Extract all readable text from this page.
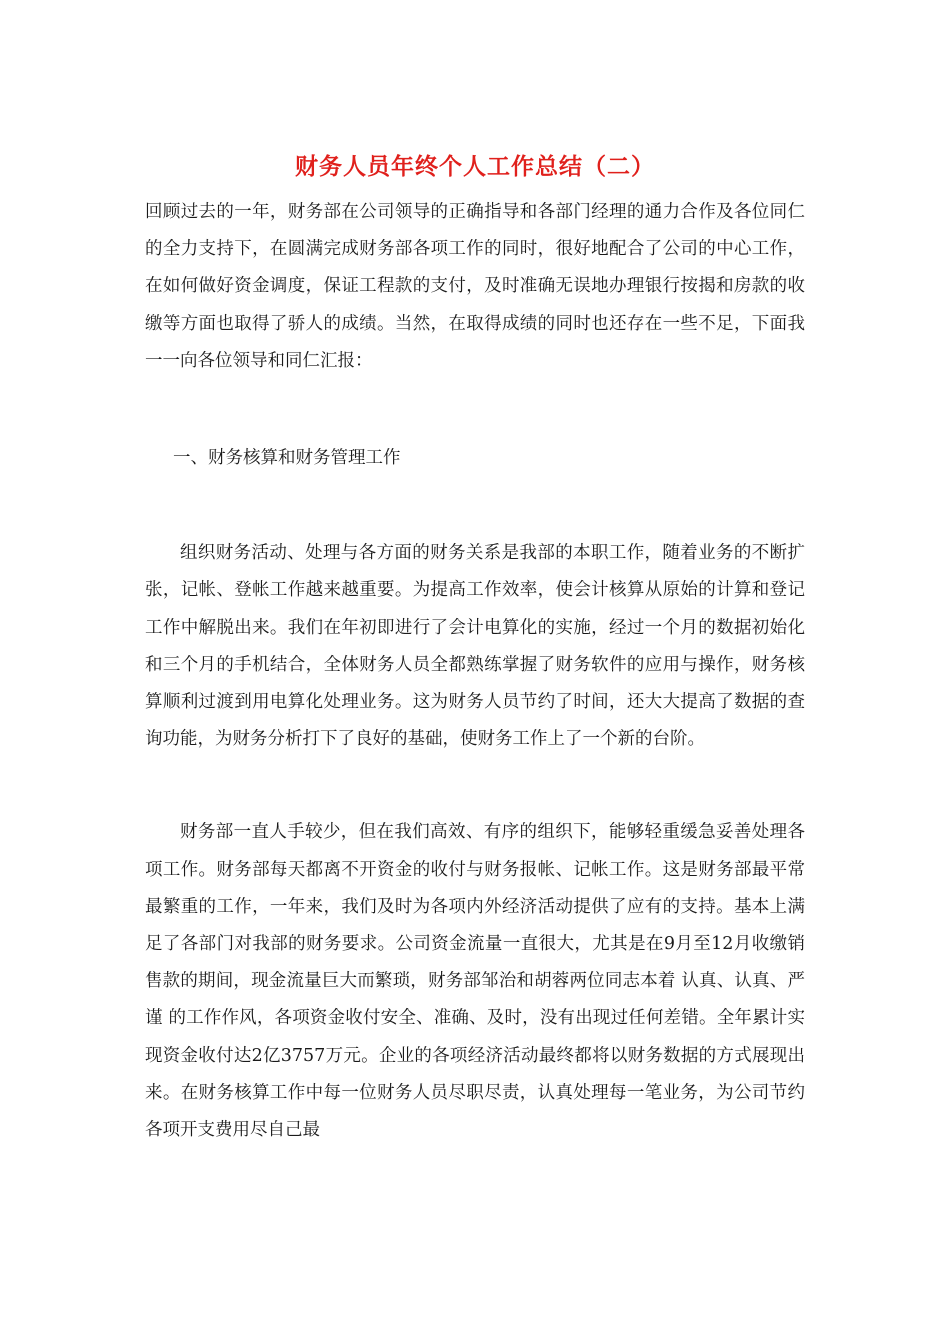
财务人员年终个人工作总结（二）

回顾过去的一年，财务部在公司领导的正确指导和各部门经理的通力合作及各位同仁的全力支持下，在圆满完成财务部各项工作的同时，很好地配合了公司的中心工作，在如何做好资金调度，保证工程款的支付，及时准确无误地办理银行按揭和房款的收缴等方面也取得了骄人的成绩。当然，在取得成绩的同时也还存在一些不足，下面我一一向各位领导和同仁汇报：

一、财务核算和财务管理工作

组织财务活动、处理与各方面的财务关系是我部的本职工作，随着业务的不断扩张，记帐、登帐工作越来越重要。为提高工作效率，使会计核算从原始的计算和登记工作中解脱出来。我们在年初即进行了会计电算化的实施，经过一个月的数据初始化和三个月的手机结合，全体财务人员全都熟练掌握了财务软件的应用与操作，财务核算顺利过渡到用电算化处理业务。这为财务人员节约了时间，还大大提高了数据的查询功能，为财务分析打下了良好的基础，使财务工作上了一个新的台阶。

财务部一直人手较少，但在我们高效、有序的组织下，能够轻重缓急妥善处理各项工作。财务部每天都离不开资金的收付与财务报帐、记帐工作。这是财务部最平常最繁重的工作，一年来，我们及时为各项内外经济活动提供了应有的支持。基本上满足了各部门对我部的财务要求。公司资金流量一直很大，尤其是在9月至12月收缴销售款的期间，现金流量巨大而繁琐，财务部邹治和胡蓉两位同志本着 认真、认真、严谨 的工作作风，各项资金收付安全、准确、及时，没有出现过任何差错。全年累计实现资金收付达2亿3757万元。企业的各项经济活动最终都将以财务数据的方式展现出来。在财务核算工作中每一位财务人员尽职尽责，认真处理每一笔业务，为公司节约各项开支费用尽自己最
